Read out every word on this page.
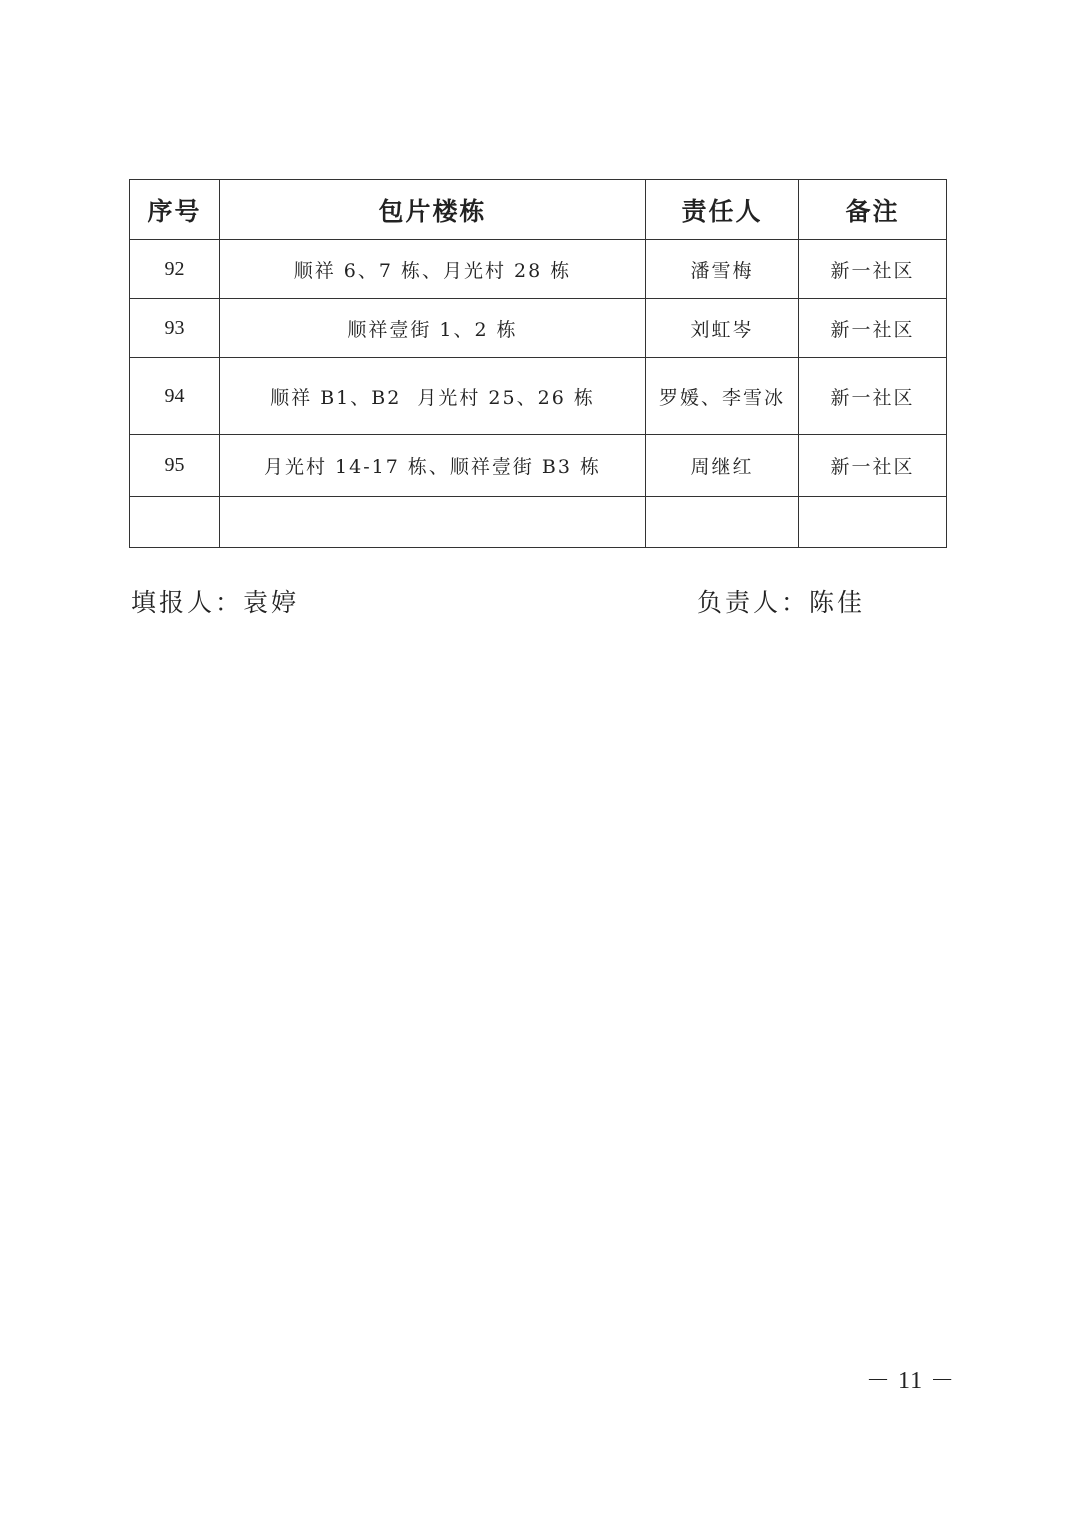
序号	包片楼栋	责任人	备注
92	顺祥 6、7 栋、月光村 28 栋	潘雪梅	新一社区
93	顺祥壹街 1、2 栋	刘虹岑	新一社区
94	顺祥 B1、B2  月光村 25、26 栋	罗媛、李雪冰	新一社区
95	月光村 14-17 栋、顺祥壹街 B3 栋	周继红	新一社区

填报人：袁婷	负责人：陈佳
－ 11 －
